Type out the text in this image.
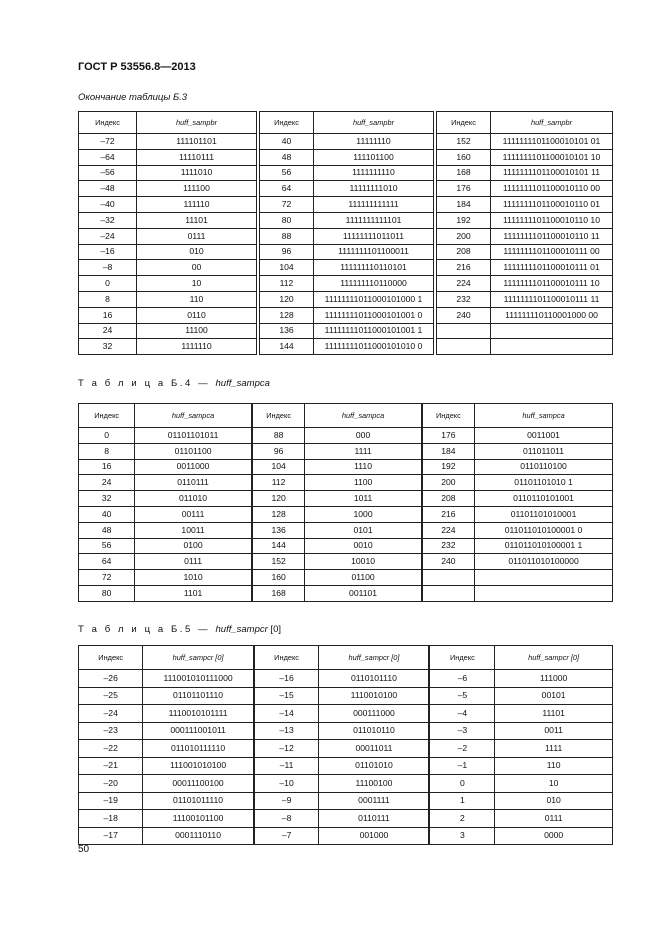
ГОСТ Р 53556.8—2013
Окончание таблицы Б.3
Индекс	huff_sampbr
–72	111101101
–64	11110111
–56	1111010
–48	111100
–40	111110
–32	11101
–24	0111
–16	010
–8	00
0	10
8	110
16	0110
24	11100
32	1111110
Индекс	huff_sampbr
40	11111110
48	111101100
56	1111111110
64	11111111010
72	111111111111
80	1111111111101
88	11111111011011
96	1111111101100011
104	111111110110101
112	111111110110000
120	11111111011000101000 1
128	11111111011000101001 0
136	11111111011000101001 1
144	11111111011000101010 0
Индекс	huff_sampbr
152	1111111101100010101 01
160	1111111101100010101 10
168	1111111101100010101 11
176	1111111101100010110 00
184	1111111101100010110 01
192	1111111101100010110 10
200	1111111101100010110 11
208	1111111101100010111 00
216	1111111101100010111 01
224	1111111101100010111 10
232	1111111101100010111 11
240	111111110110001000 00

Т а б л и ц а Б.4 — huff_sampca
Индекс	huff_sampca
0	01101101011
8	01101100
16	0011000
24	0110111
32	011010
40	00111
48	10011
56	0100
64	0111
72	1010
80	1101
Индекс	huff_sampca
88	000
96	1111
104	1110
112	1100
120	1011
128	1000
136	0101
144	0010
152	10010
160	01100
168	001101
Индекс	huff_sampca
176	0011001
184	011011011
192	0110110100
200	01101101010 1
208	0110110101001
216	01101101010001
224	011011010100001 0
232	011011010100001 1
240	011011010100000

Т а б л и ц а Б.5 — huff_sampcr [0]
Индекс	huff_sampcr [0]
–26	111001010111000
–25	01101101110
–24	1110010101111
–23	000111001011
–22	011010111110
–21	111001010100
–20	00011100100
–19	01101011110
–18	11100101100
–17	0001110110
Индекс	huff_sampcr [0]
–16	0110101110
–15	1110010100
–14	000111000
–13	011010110
–12	00011011
–11	01101010
–10	11100100
–9	0001111
–8	0110111
–7	001000
Индекс	huff_sampcr [0]
–6	111000
–5	00101
–4	11101
–3	0011
–2	1111
–1	110
0	10
1	010
2	0111
3	0000
50
